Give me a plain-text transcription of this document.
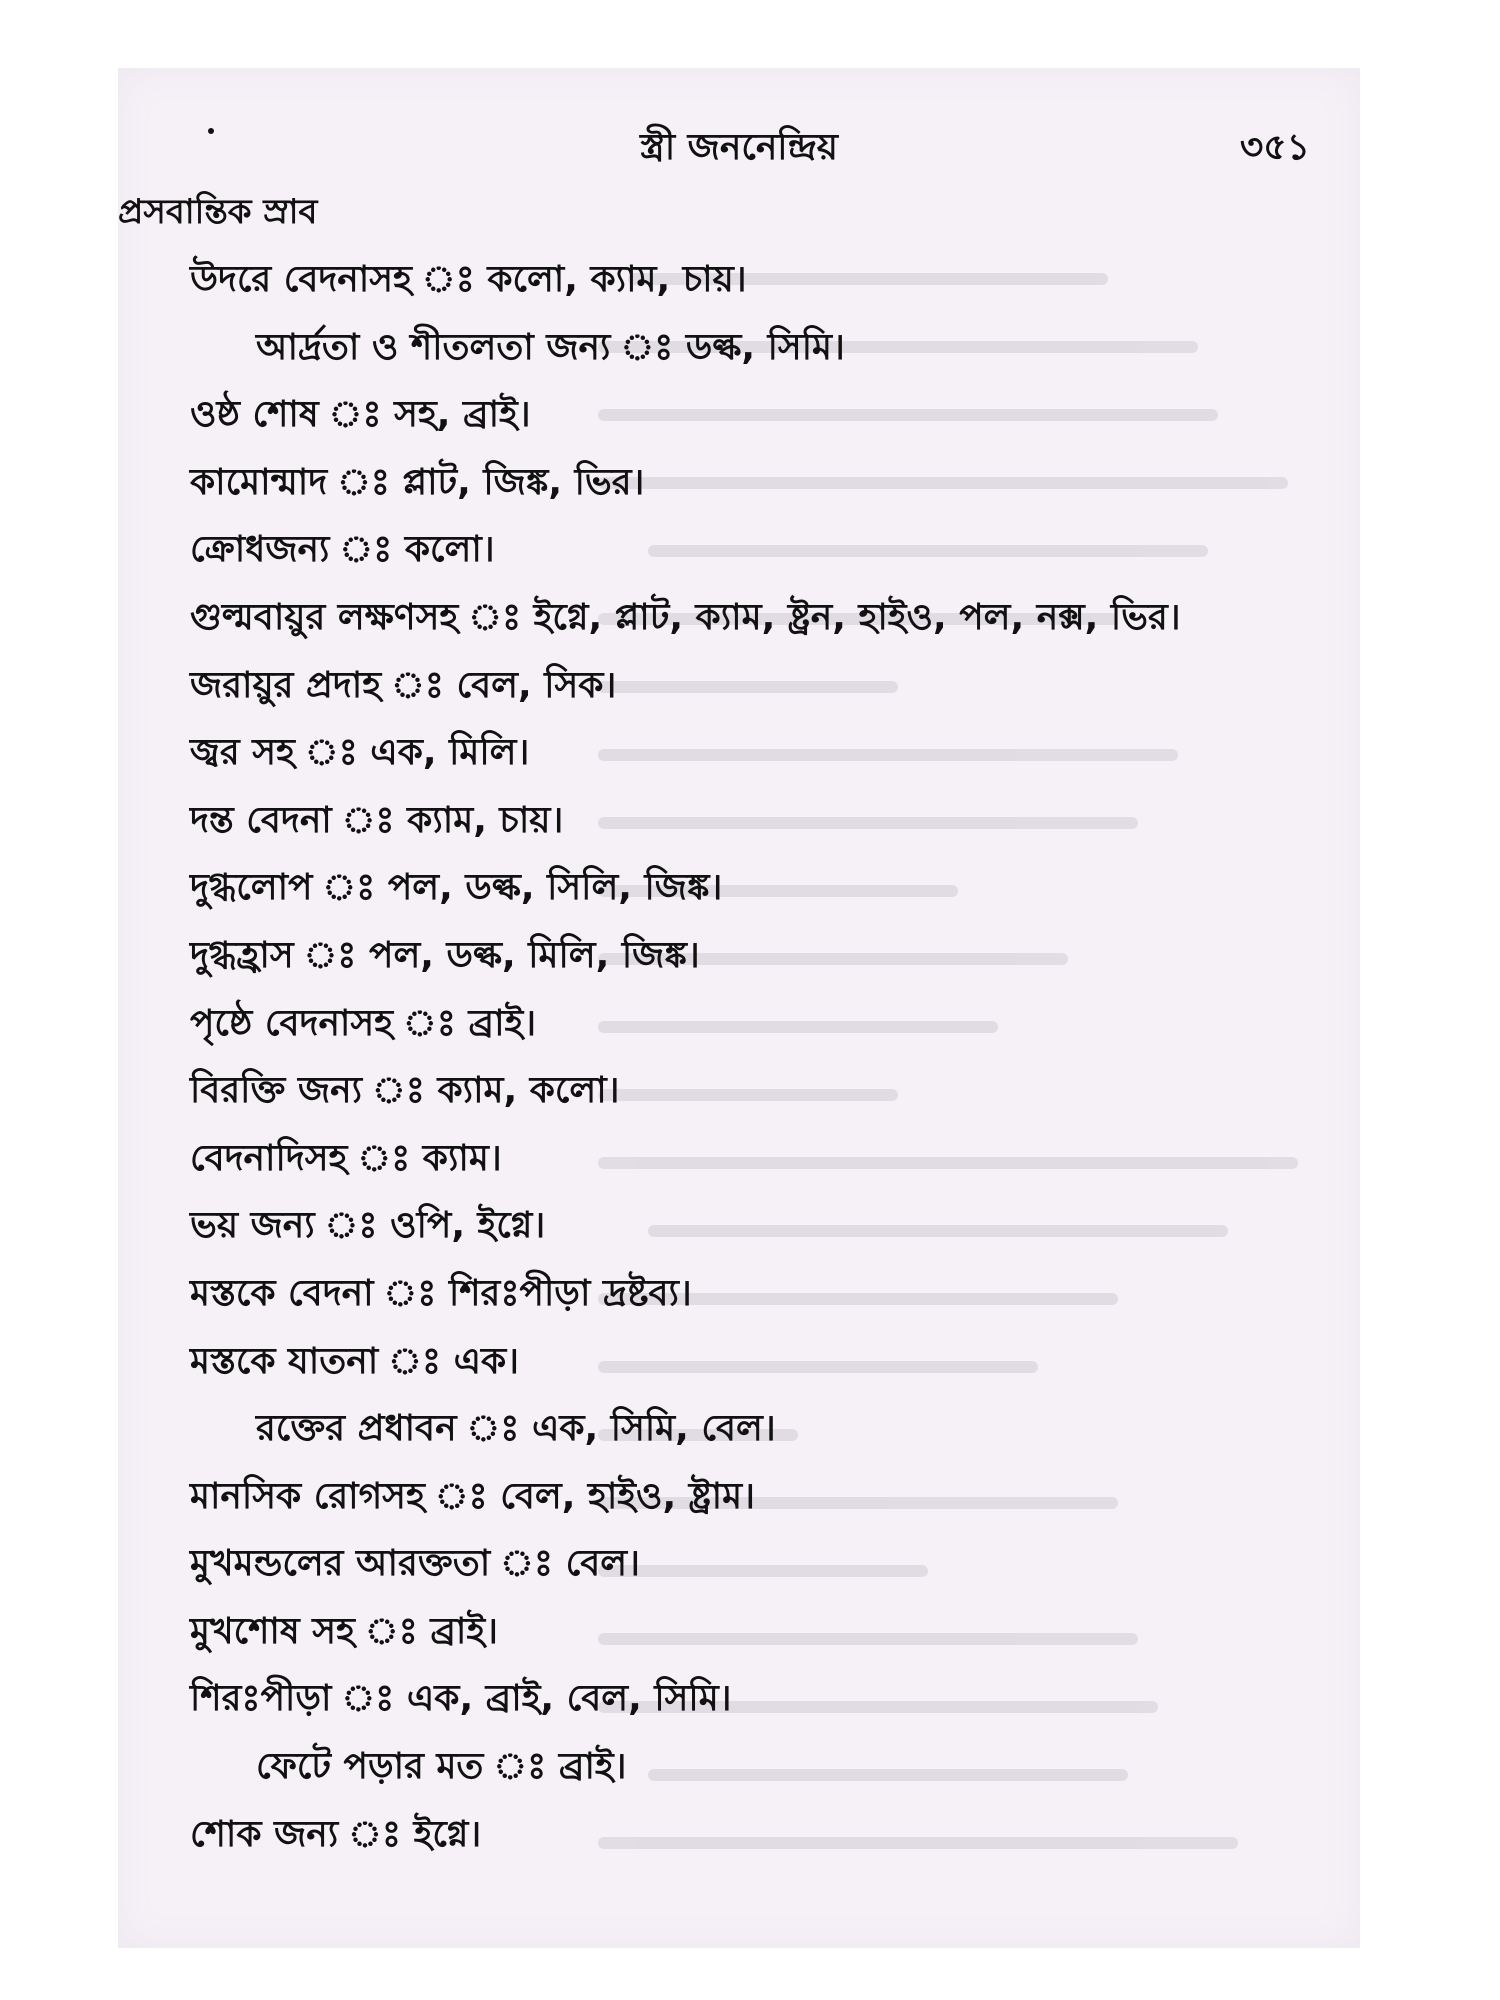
স্ত্রী জননেন্দ্রিয়	৩৫১
প্রসবান্তিক স্রাব
উদরে বেদনাসহ ঃ কলো, ক্যাম, চায়।
আর্দ্রতা ও শীতলতা জন্য ঃ ডল্ক, সিমি।
ওষ্ঠ শোষ ঃ সহ, ব্রাই।
কামোন্মাদ ঃ প্লাট, জিঙ্ক, ভির।
ক্রোধজন্য ঃ কলো।
গুল্মবায়ুর লক্ষণসহ ঃ ইগ্নে, প্লাট, ক্যাম, ষ্ট্রন, হাইও, পল, নক্স, ভির।
জরায়ুর প্রদাহ ঃ বেল, সিক।
জ্বর সহ ঃ এক, মিলি।
দন্ত বেদনা ঃ ক্যাম, চায়।
দুগ্ধলোপ ঃ পল, ডল্ক, সিলি, জিঙ্ক।
দুগ্ধহ্রাস ঃ পল, ডল্ক, মিলি, জিঙ্ক।
পৃষ্ঠে বেদনাসহ ঃ ব্রাই।
বিরক্তি জন্য ঃ ক্যাম, কলো।
বেদনাদিসহ ঃ ক্যাম।
ভয় জন্য ঃ ওপি, ইগ্নে।
মস্তকে বেদনা ঃ শিরঃপীড়া দ্রষ্টব্য।
মস্তকে যাতনা ঃ এক।
রক্তের প্রধাবন ঃ এক, সিমি, বেল।
মানসিক রোগসহ ঃ বেল, হাইও, ষ্ট্রাম।
মুখমন্ডলের আরক্ততা ঃ বেল।
মুখশোষ সহ ঃ ব্রাই।
শিরঃপীড়া ঃ এক, ব্রাই, বেল, সিমি।
ফেটে পড়ার মত ঃ ব্রাই।
শোক জন্য ঃ ইগ্নে।
